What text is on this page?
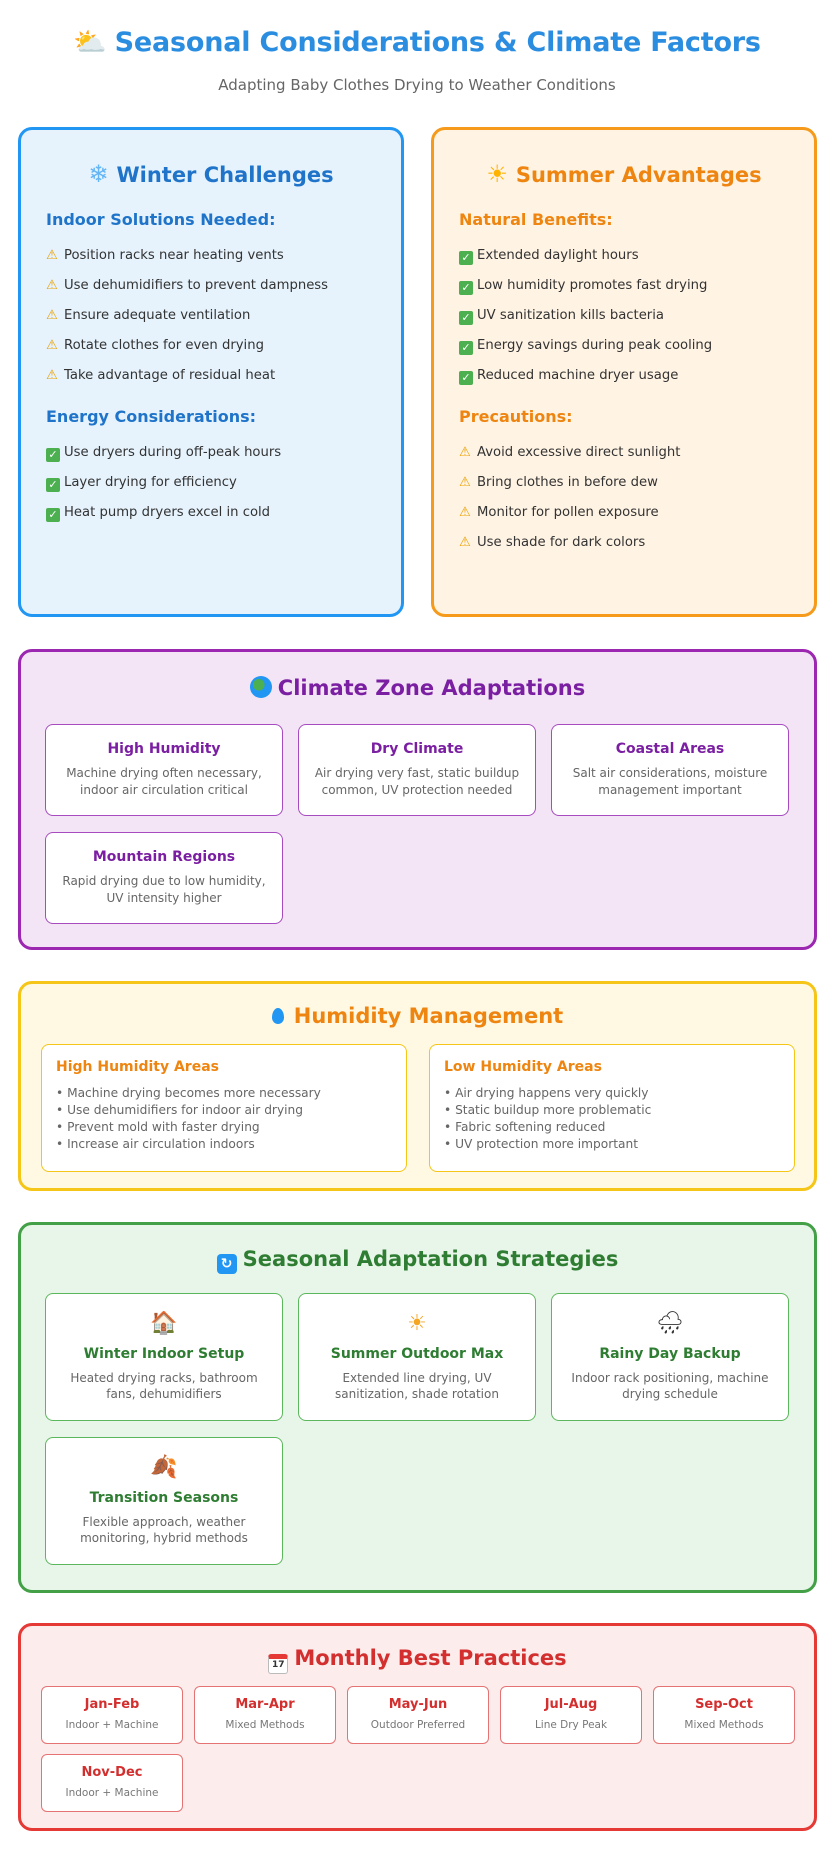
⛅ Seasonal Considerations & Climate Factors
Adapting Baby Clothes Drying to Weather Conditions
❄ Winter Challenges
Indoor Solutions Needed:
⚠ Position racks near heating vents
⚠ Use dehumidifiers to prevent dampness
⚠ Ensure adequate ventilation
⚠ Rotate clothes for even drying
⚠ Take advantage of residual heat
Energy Considerations:
✓ Use dryers during off-peak hours
✓ Layer drying for efficiency
✓ Heat pump dryers excel in cold
☀ Summer Advantages
Natural Benefits:
✓ Extended daylight hours
✓ Low humidity promotes fast drying
✓ UV sanitization kills bacteria
✓ Energy savings during peak cooling
✓ Reduced machine dryer usage
Precautions:
⚠ Avoid excessive direct sunlight
⚠ Bring clothes in before dew
⚠ Monitor for pollen exposure
⚠ Use shade for dark colors
Climate Zone Adaptations
High Humidity
Machine drying often necessary, indoor air circulation critical
Dry Climate
Air drying very fast, static buildup common, UV protection needed
Coastal Areas
Salt air considerations, moisture management important
Mountain Regions
Rapid drying due to low humidity, UV intensity higher
Humidity Management
High Humidity Areas
• Machine drying becomes more necessary
• Use dehumidifiers for indoor air drying
• Prevent mold with faster drying
• Increase air circulation indoors
Low Humidity Areas
• Air drying happens very quickly
• Static buildup more problematic
• Fabric softening reduced
• UV protection more important
↻ Seasonal Adaptation Strategies
🏠
Winter Indoor Setup
Heated drying racks, bathroom fans, dehumidifiers
☀
Summer Outdoor Max
Extended line drying, UV sanitization, shade rotation
🌧
Rainy Day Backup
Indoor rack positioning, machine drying schedule
🍂
Transition Seasons
Flexible approach, weather monitoring, hybrid methods
17 Monthly Best Practices
Jan-Feb
Indoor + Machine
Mar-Apr
Mixed Methods
May-Jun
Outdoor Preferred
Jul-Aug
Line Dry Peak
Sep-Oct
Mixed Methods
Nov-Dec
Indoor + Machine
